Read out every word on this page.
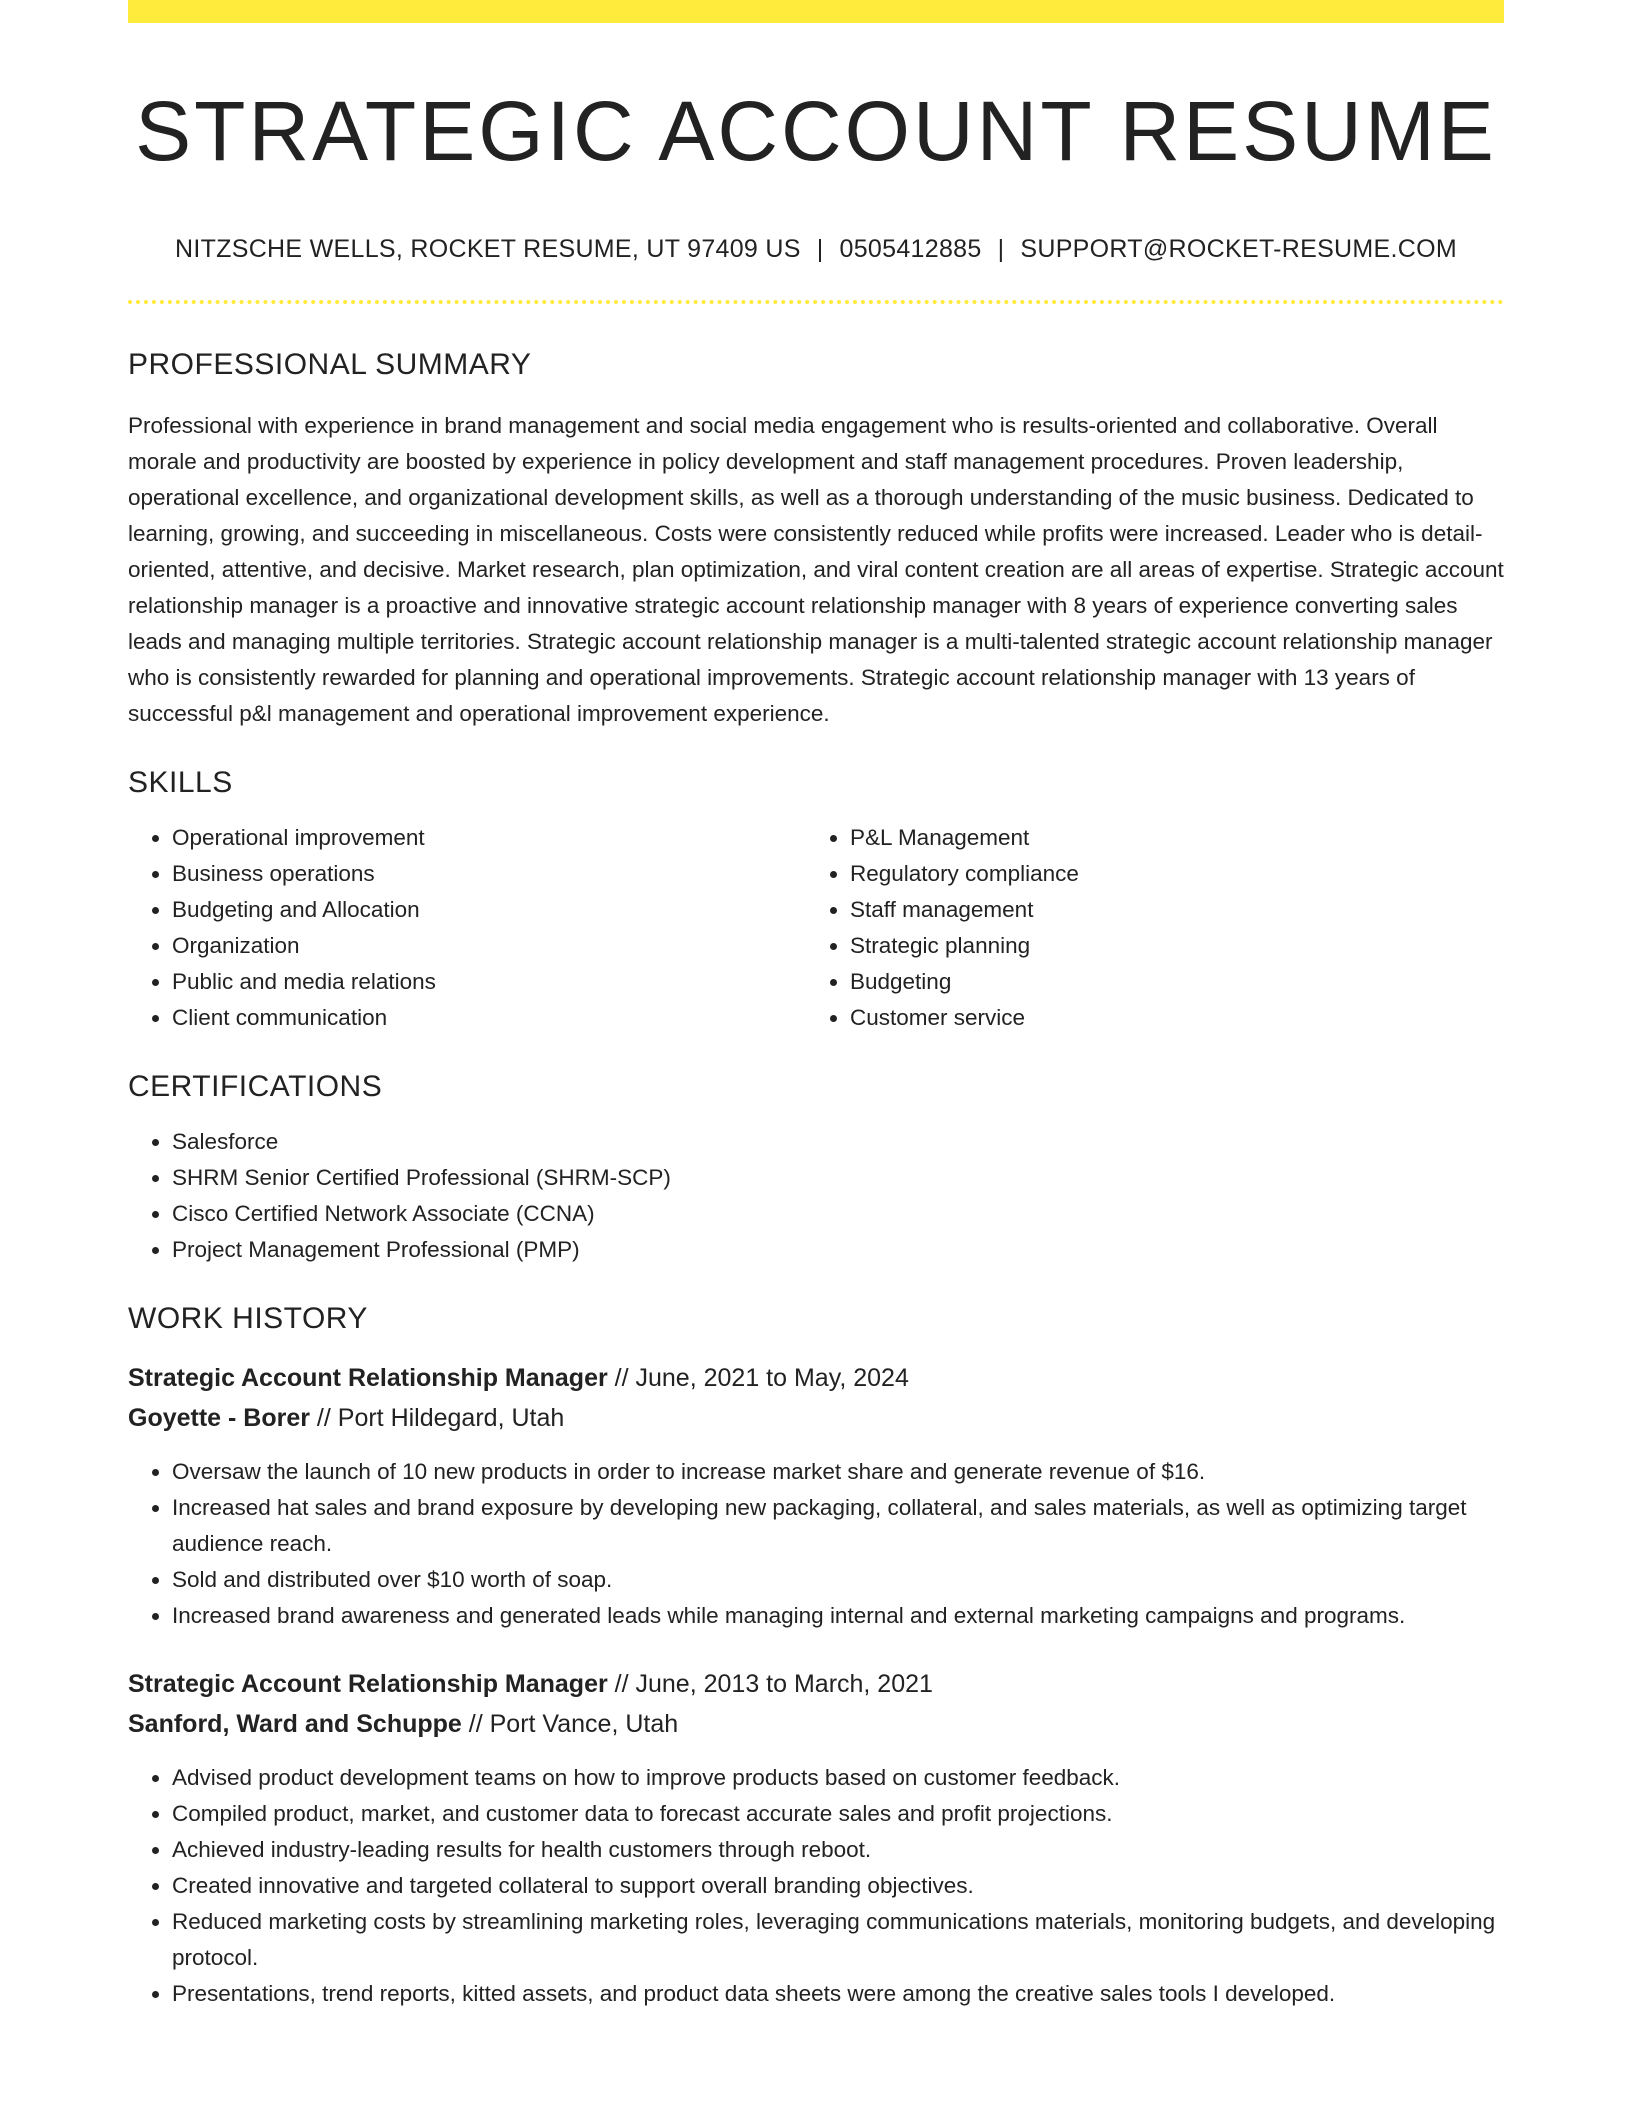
STRATEGIC ACCOUNT RESUME
NITZSCHE WELLS, ROCKET RESUME, UT 97409 US | 0505412885 | SUPPORT@ROCKET-RESUME.COM
PROFESSIONAL SUMMARY
Professional with experience in brand management and social media engagement who is results-oriented and collaborative. Overall morale and productivity are boosted by experience in policy development and staff management procedures. Proven leadership, operational excellence, and organizational development skills, as well as a thorough understanding of the music business. Dedicated to learning, growing, and succeeding in miscellaneous. Costs were consistently reduced while profits were increased. Leader who is detail-oriented, attentive, and decisive. Market research, plan optimization, and viral content creation are all areas of expertise. Strategic account relationship manager is a proactive and innovative strategic account relationship manager with 8 years of experience converting sales leads and managing multiple territories. Strategic account relationship manager is a multi-talented strategic account relationship manager who is consistently rewarded for planning and operational improvements. Strategic account relationship manager with 13 years of successful p&l management and operational improvement experience.
SKILLS
• Operational improvement
• Business operations
• Budgeting and Allocation
• Organization
• Public and media relations
• Client communication
• P&L Management
• Regulatory compliance
• Staff management
• Strategic planning
• Budgeting
• Customer service
CERTIFICATIONS
• Salesforce
• SHRM Senior Certified Professional (SHRM-SCP)
• Cisco Certified Network Associate (CCNA)
• Project Management Professional (PMP)
WORK HISTORY
Strategic Account Relationship Manager // June, 2021 to May, 2024
Goyette - Borer // Port Hildegard, Utah
• Oversaw the launch of 10 new products in order to increase market share and generate revenue of $16.
• Increased hat sales and brand exposure by developing new packaging, collateral, and sales materials, as well as optimizing target audience reach.
• Sold and distributed over $10 worth of soap.
• Increased brand awareness and generated leads while managing internal and external marketing campaigns and programs.
Strategic Account Relationship Manager // June, 2013 to March, 2021
Sanford, Ward and Schuppe // Port Vance, Utah
• Advised product development teams on how to improve products based on customer feedback.
• Compiled product, market, and customer data to forecast accurate sales and profit projections.
• Achieved industry-leading results for health customers through reboot.
• Created innovative and targeted collateral to support overall branding objectives.
• Reduced marketing costs by streamlining marketing roles, leveraging communications materials, monitoring budgets, and developing protocol.
• Presentations, trend reports, kitted assets, and product data sheets were among the creative sales tools I developed.
